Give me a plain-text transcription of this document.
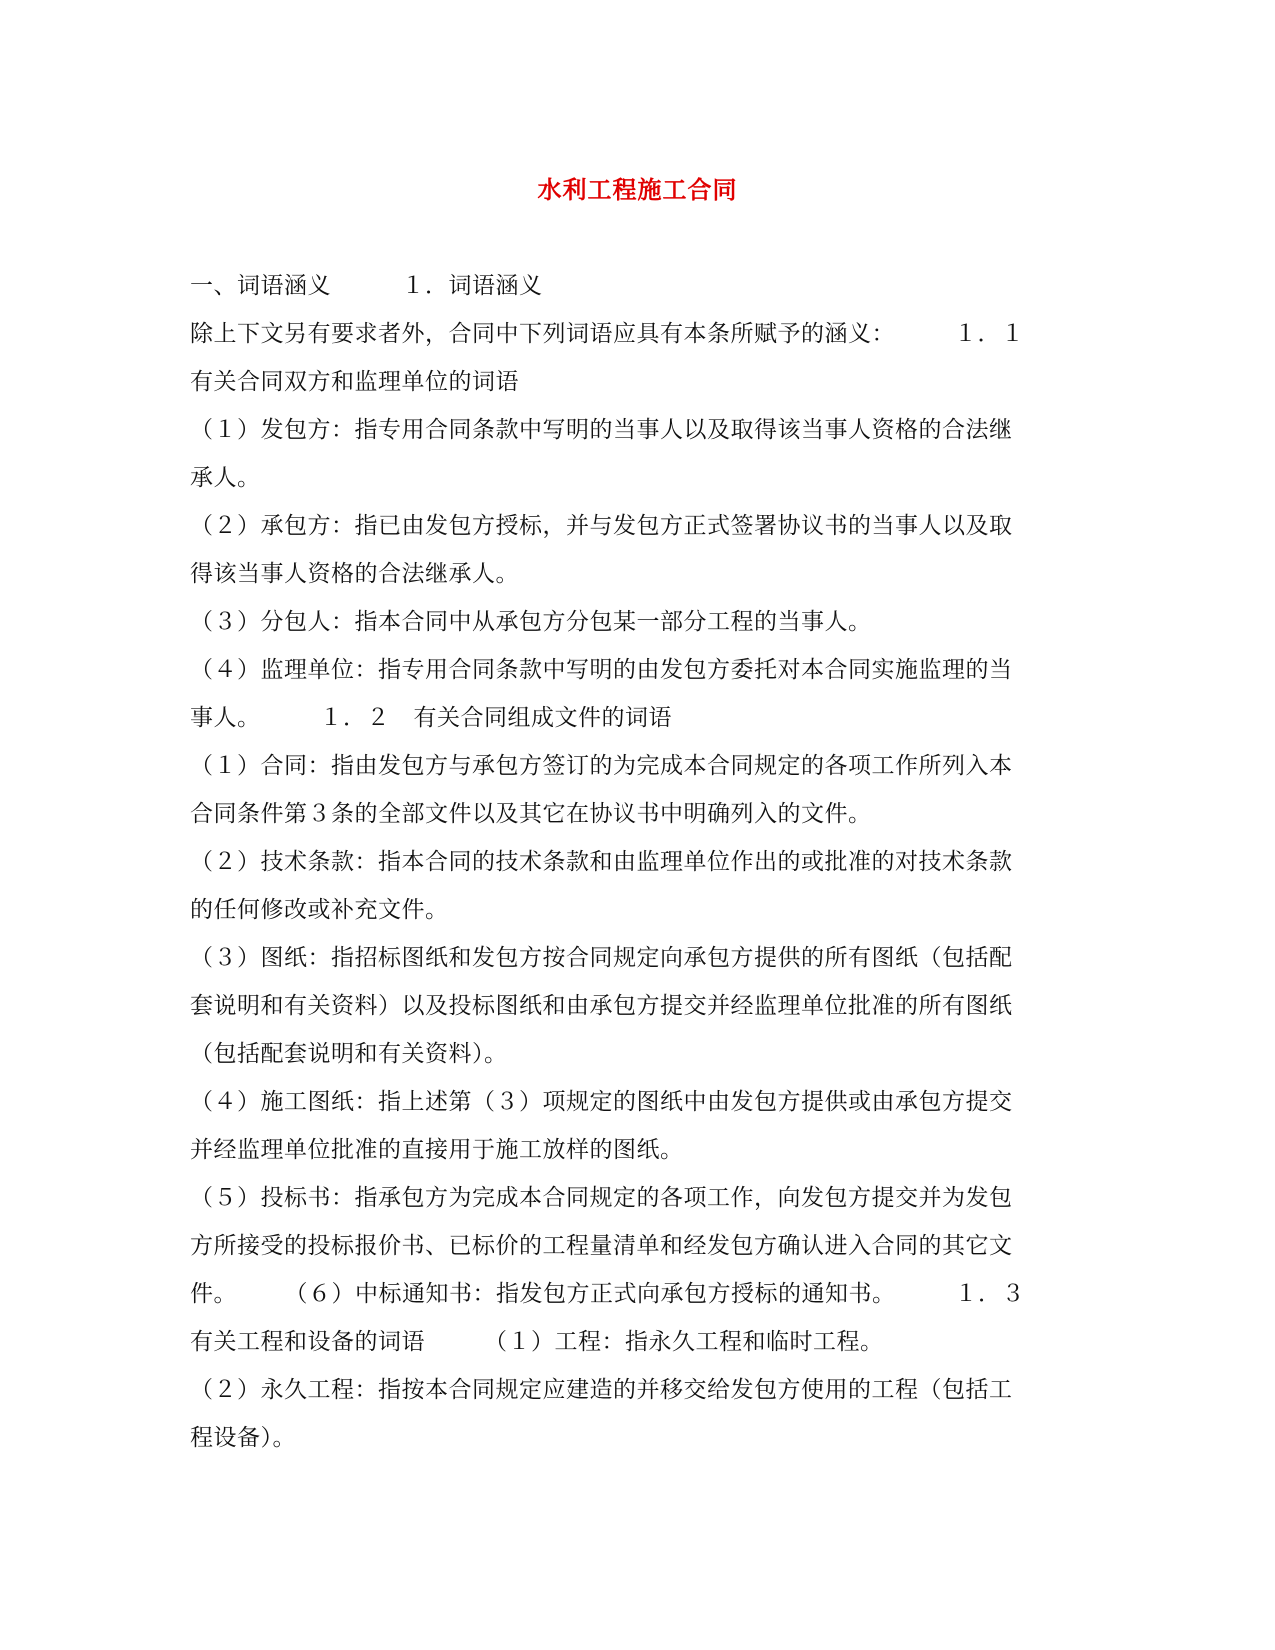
水利工程施工合同
一、词语涵义　　　１．词语涵义
除上下文另有要求者外，合同中下列词语应具有本条所赋予的涵义：　　　１．１
有关合同双方和监理单位的词语
（１）发包方：指专用合同条款中写明的当事人以及取得该当事人资格的合法继
承人。
（２）承包方：指已由发包方授标，并与发包方正式签署协议书的当事人以及取
得该当事人资格的合法继承人。
（３）分包人：指本合同中从承包方分包某一部分工程的当事人。
（４）监理单位：指专用合同条款中写明的由发包方委托对本合同实施监理的当
事人。　　　１．２　有关合同组成文件的词语
（１）合同：指由发包方与承包方签订的为完成本合同规定的各项工作所列入本
合同条件第３条的全部文件以及其它在协议书中明确列入的文件。
（２）技术条款：指本合同的技术条款和由监理单位作出的或批准的对技术条款
的任何修改或补充文件。
（３）图纸：指招标图纸和发包方按合同规定向承包方提供的所有图纸（包括配
套说明和有关资料）以及投标图纸和由承包方提交并经监理单位批准的所有图纸
（包括配套说明和有关资料）。
（４）施工图纸：指上述第（３）项规定的图纸中由发包方提供或由承包方提交
并经监理单位批准的直接用于施工放样的图纸。
（５）投标书：指承包方为完成本合同规定的各项工作，向发包方提交并为发包
方所接受的投标报价书、已标价的工程量清单和经发包方确认进入合同的其它文
件。　　　（６）中标通知书：指发包方正式向承包方授标的通知书。　　　１．３
有关工程和设备的词语　　　（１）工程：指永久工程和临时工程。
（２）永久工程：指按本合同规定应建造的并移交给发包方使用的工程（包括工
程设备）。
